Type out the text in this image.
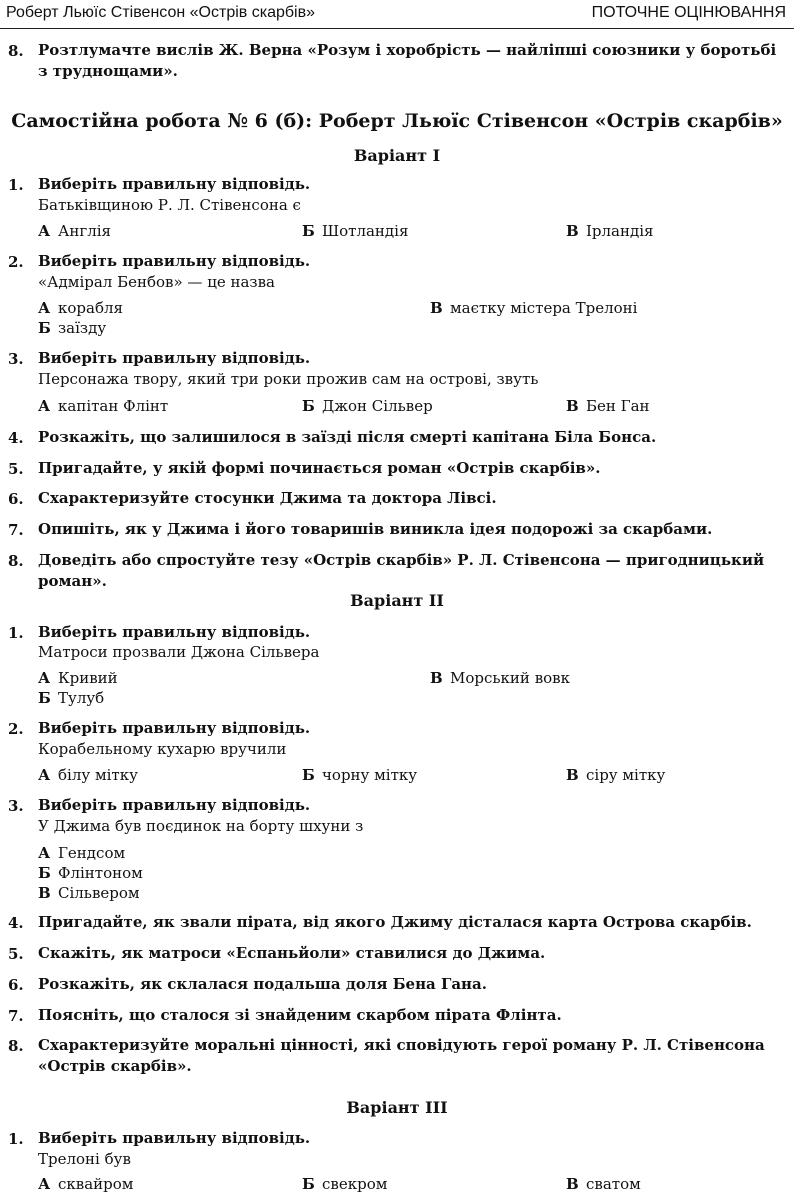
Роберт Льюїс Стівенсон «Острів скарбів»	ПОТОЧНЕ ОЦІНЮВАННЯ
8. Розтлумачте вислів Ж. Верна «Розум і хоробрість — найліпші союзники у боротьбі з труднощами».
Самостійна робота № 6 (б): Роберт Льюїс Стівенсон «Острів скарбів»
Варіант I
1. Виберіть правильну відповідь.
Батьківщиною Р. Л. Стівенсона є
А Англія	Б Шотландія	В Ірландія
2. Виберіть правильну відповідь.
«Адмірал Бенбов» — це назва
А корабля
Б заїзду
В маєтку містера Трелоні
3. Виберіть правильну відповідь.
Персонажа твору, який три роки прожив сам на острові, звуть
А капітан Флінт	Б Джон Сільвер	В Бен Ган
4. Розкажіть, що залишилося в заїзді після смерті капітана Біла Бонса.
5. Пригадайте, у якій формі починається роман «Острів скарбів».
6. Схарактеризуйте стосунки Джима та доктора Лівсі.
7. Опишіть, як у Джима і його товаришів виникла ідея подорожі за скарбами.
8. Доведіть або спростуйте тезу «Острів скарбів» Р. Л. Стівенсона — пригодницький роман».
Варіант II
1. Виберіть правильну відповідь.
Матроси прозвали Джона Сільвера
А Кривий
Б Тулуб
В Морський вовк
2. Виберіть правильну відповідь.
Корабельному кухарю вручили
А білу мітку	Б чорну мітку	В сіру мітку
3. Виберіть правильну відповідь.
У Джима був поєдинок на борту шхуни з
А Гендсом
Б Флінтоном
В Сільвером
4. Пригадайте, як звали пірата, від якого Джиму дісталася карта Острова скарбів.
5. Скажіть, як матроси «Еспаньйоли» ставилися до Джима.
6. Розкажіть, як склалася подальша доля Бена Гана.
7. Поясніть, що сталося зі знайденим скарбом пірата Флінта.
8. Схарактеризуйте моральні цінності, які сповідують герої роману Р. Л. Стівенсона «Острів скарбів».
Варіант III
1. Виберіть правильну відповідь.
Трелоні був
А сквайром	Б свекром	В сватом
